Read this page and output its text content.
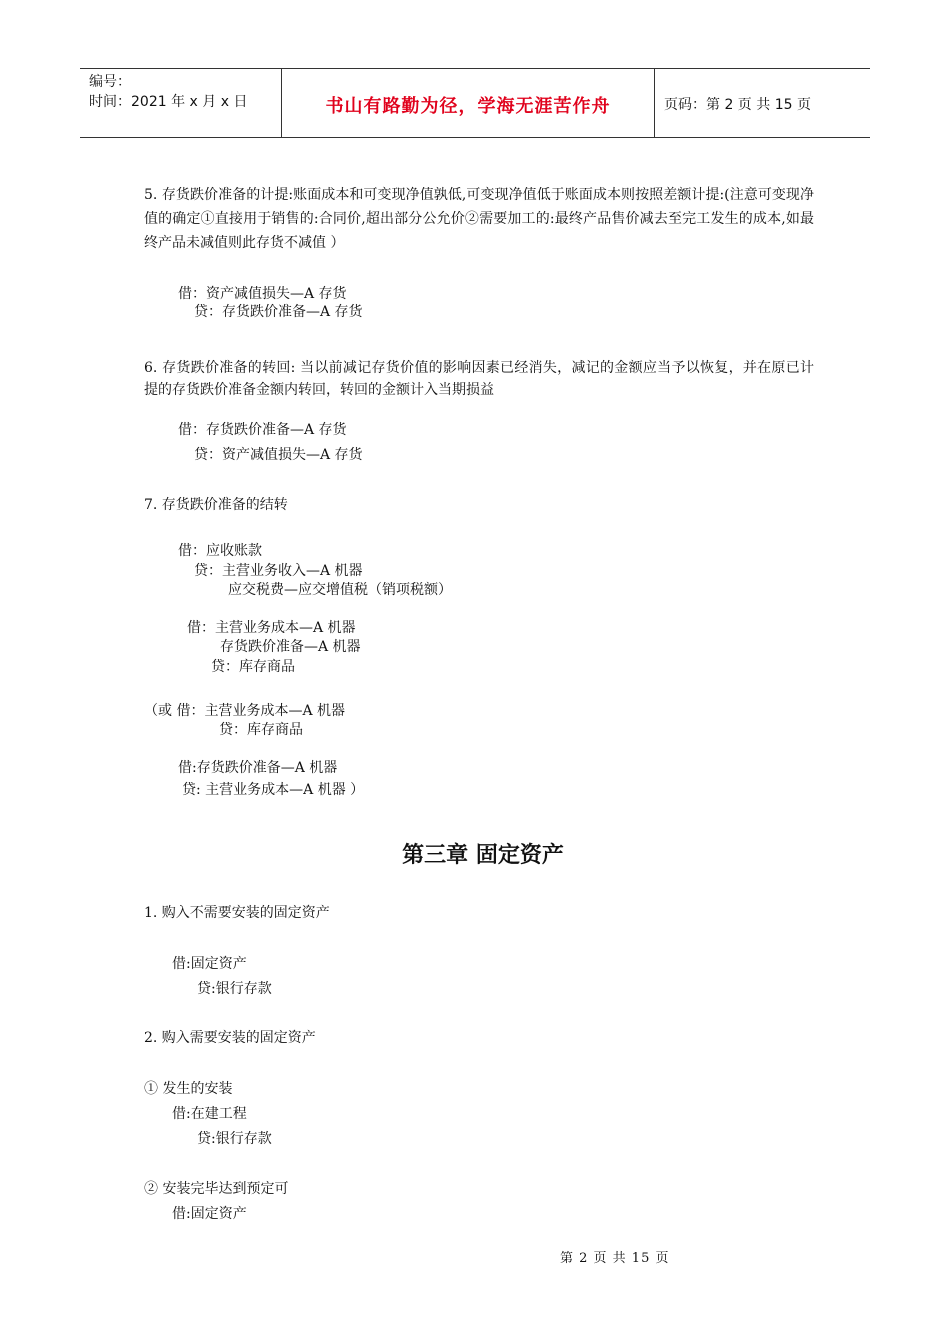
编号：
时间：2021 年 x 月 x 日	书山有路勤为径，学海无涯苦作舟	页码：第 2 页 共 15 页
5. 存货跌价准备的计提:账面成本和可变现净值孰低,可变现净值低于账面成本则按照差额计提:(注意可变现净值的确定①直接用于销售的:合同价,超出部分公允价②需要加工的:最终产品售价减去至完工发生的成本,如最终产品未减值则此存货不减值 ）
借：资产减值损失—A 存货
贷：存货跌价准备—A 存货
6. 存货跌价准备的转回: 当以前减记存货价值的影响因素已经消失，减记的金额应当予以恢复，并在原已计提的存货跌价准备金额内转回，转回的金额计入当期损益
借：存货跌价准备—A 存货
贷：资产减值损失—A 存货
7. 存货跌价准备的结转
借：应收账款
贷：主营业务收入—A 机器
应交税费—应交增值税（销项税额）
借：主营业务成本—A 机器
存货跌价准备—A 机器
贷：库存商品
（或 借：主营业务成本—A 机器
贷：库存商品
借:存货跌价准备—A 机器
贷: 主营业务成本—A 机器 ）
第三章 固定资产
1. 购入不需要安装的固定资产
借:固定资产
贷:银行存款
2. 购入需要安装的固定资产
① 发生的安装
借:在建工程
贷:银行存款
② 安装完毕达到预定可
借:固定资产
第 2 页 共 15 页
